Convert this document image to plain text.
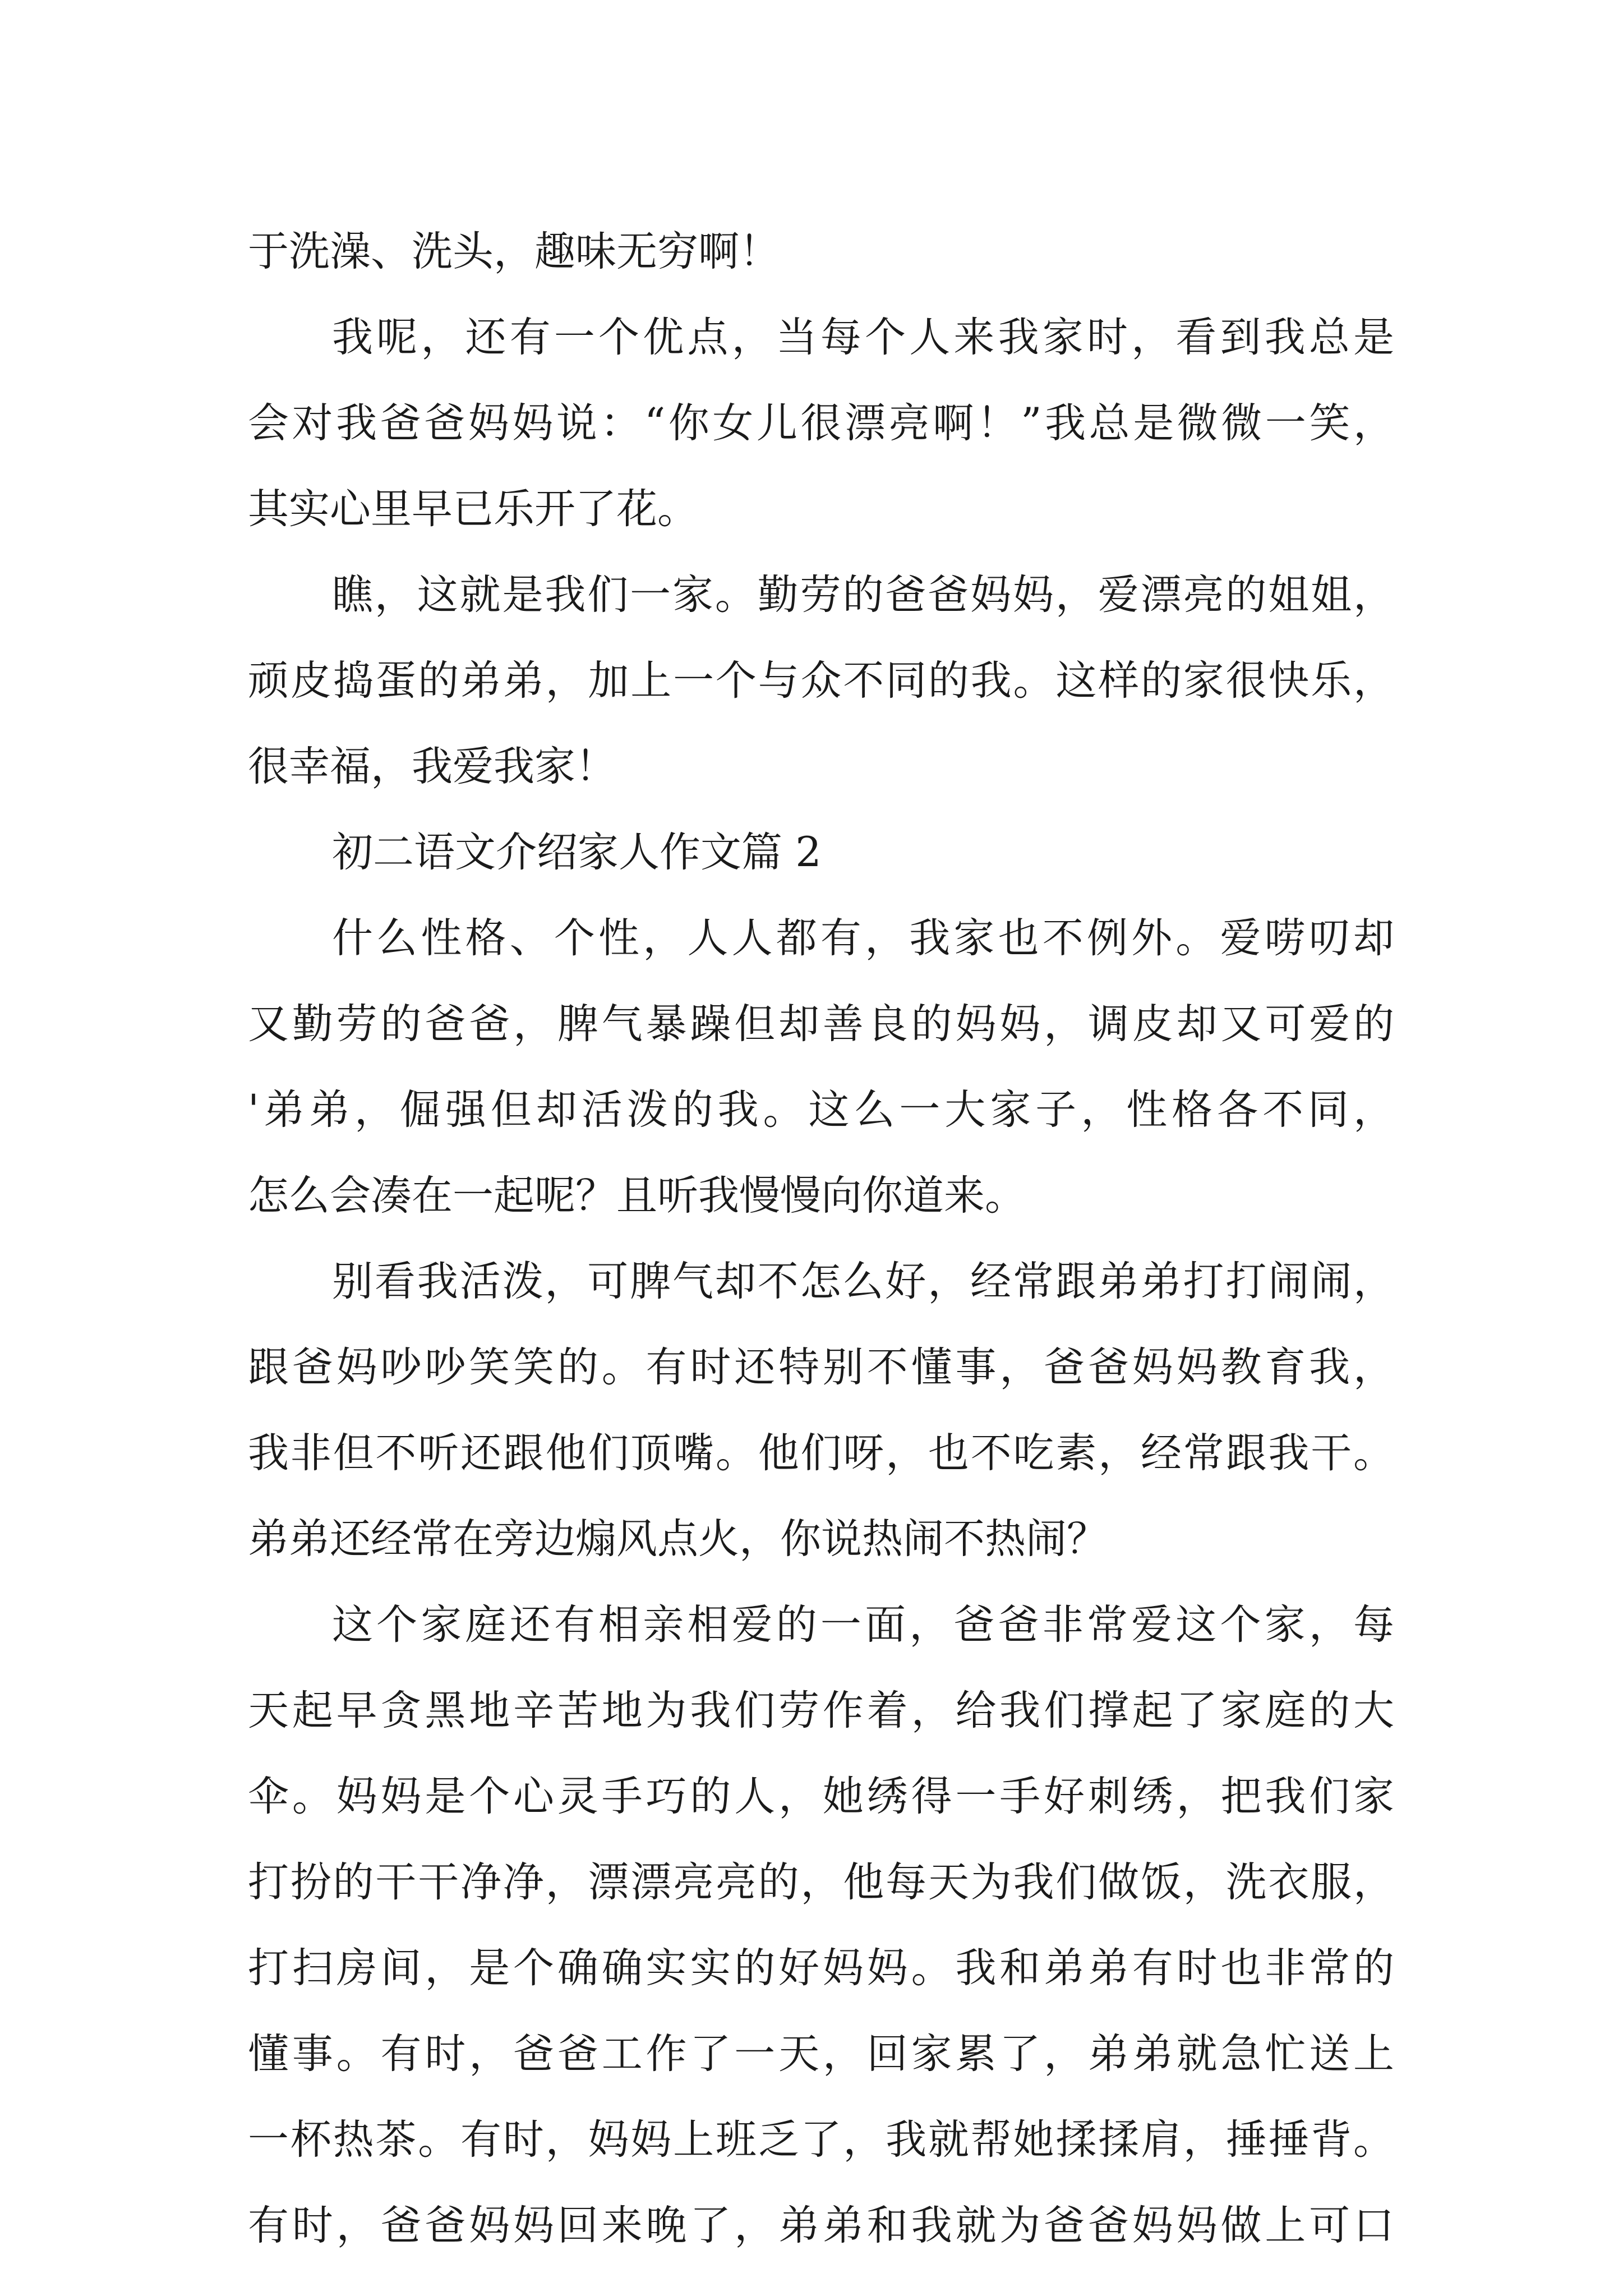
于洗澡、洗头，趣味无穷啊！
我呢，还有一个优点，当每个人来我家时，看到我总是
会对我爸爸妈妈说：“你女儿很漂亮啊！”我总是微微一笑，
其实心里早已乐开了花。
瞧，这就是我们一家。勤劳的爸爸妈妈，爱漂亮的姐姐，
顽皮捣蛋的弟弟，加上一个与众不同的我。这样的家很快乐，
很幸福，我爱我家！
初二语文介绍家人作文篇 2
什么性格、个性，人人都有，我家也不例外。爱唠叨却
又勤劳的爸爸，脾气暴躁但却善良的妈妈，调皮却又可爱的
'弟弟，倔强但却活泼的我。这么一大家子，性格各不同，
怎么会凑在一起呢？且听我慢慢向你道来。
别看我活泼，可脾气却不怎么好，经常跟弟弟打打闹闹，
跟爸妈吵吵笑笑的。有时还特别不懂事，爸爸妈妈教育我，
我非但不听还跟他们顶嘴。他们呀，也不吃素，经常跟我干。
弟弟还经常在旁边煽风点火，你说热闹不热闹？
这个家庭还有相亲相爱的一面，爸爸非常爱这个家，每
天起早贪黑地辛苦地为我们劳作着，给我们撑起了家庭的大
伞。妈妈是个心灵手巧的人，她绣得一手好刺绣，把我们家
打扮的干干净净，漂漂亮亮的，他每天为我们做饭，洗衣服，
打扫房间，是个确确实实的好妈妈。我和弟弟有时也非常的
懂事。有时，爸爸工作了一天，回家累了，弟弟就急忙送上
一杯热茶。有时，妈妈上班乏了，我就帮她揉揉肩，捶捶背。
有时，爸爸妈妈回来晚了，弟弟和我就为爸爸妈妈做上可口
